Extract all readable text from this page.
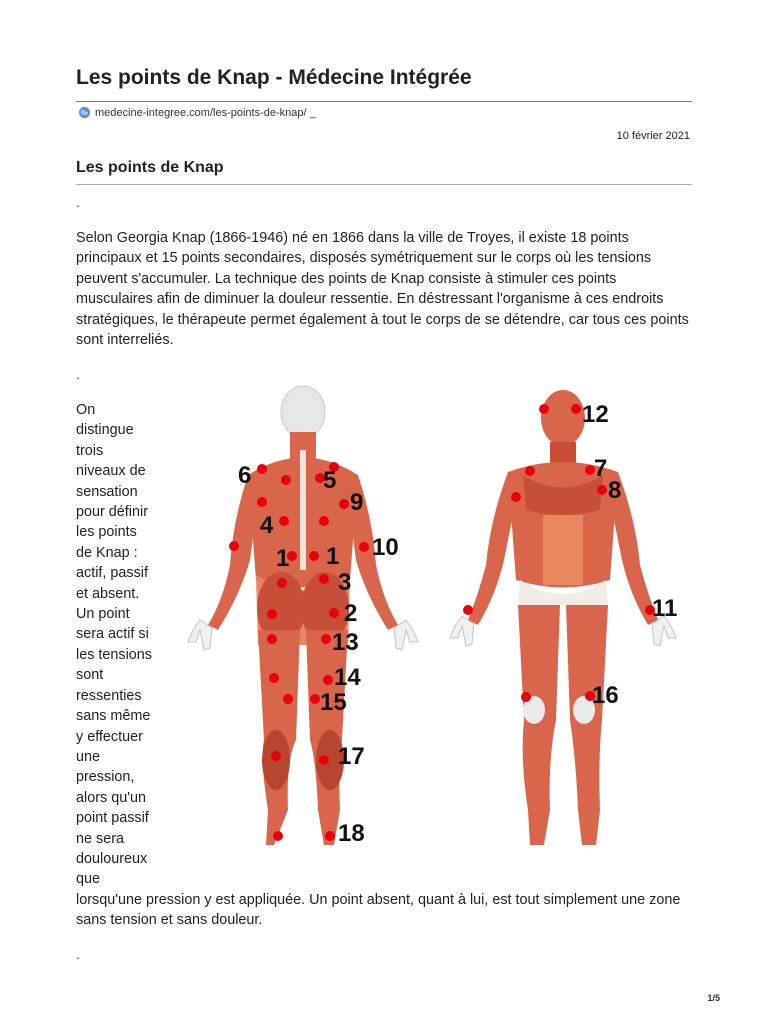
Les points de Knap - Médecine Intégrée
medecine-integree.com/les-points-de-knap/ _
10 février 2021
Les points de Knap
.

Selon Georgia Knap (1866-1946) né en 1866 dans la ville de Troyes, il existe 18 points principaux et 15 points secondaires, disposés symétriquement sur le corps où les tensions peuvent s'accumuler. La technique des points de Knap consiste à stimuler ces points musculaires afin de diminuer la douleur ressentie. En déstressant l'organisme à ces endroits stratégiques, le thérapeute permet également à tout le corps de se détendre, car tous ces points sont interreliés.

.

On
distingue
trois
niveaux de
sensation
pour définir
les points
de Knap :
actif, passif
et absent.
Un point
sera actif si
les tensions
sont
ressenties
sans même
y effectuer
une
pression,
alors qu'un
point passif
ne sera
douloureux
que

lorsqu'une pression y est appliquée. Un point absent, quant à lui, est tout simplement une zone sans tension et sans douleur.

.
6	5
9
4
1 1 10
3
2
13
14
15
17
18
12
7
8
11
16
1/5
